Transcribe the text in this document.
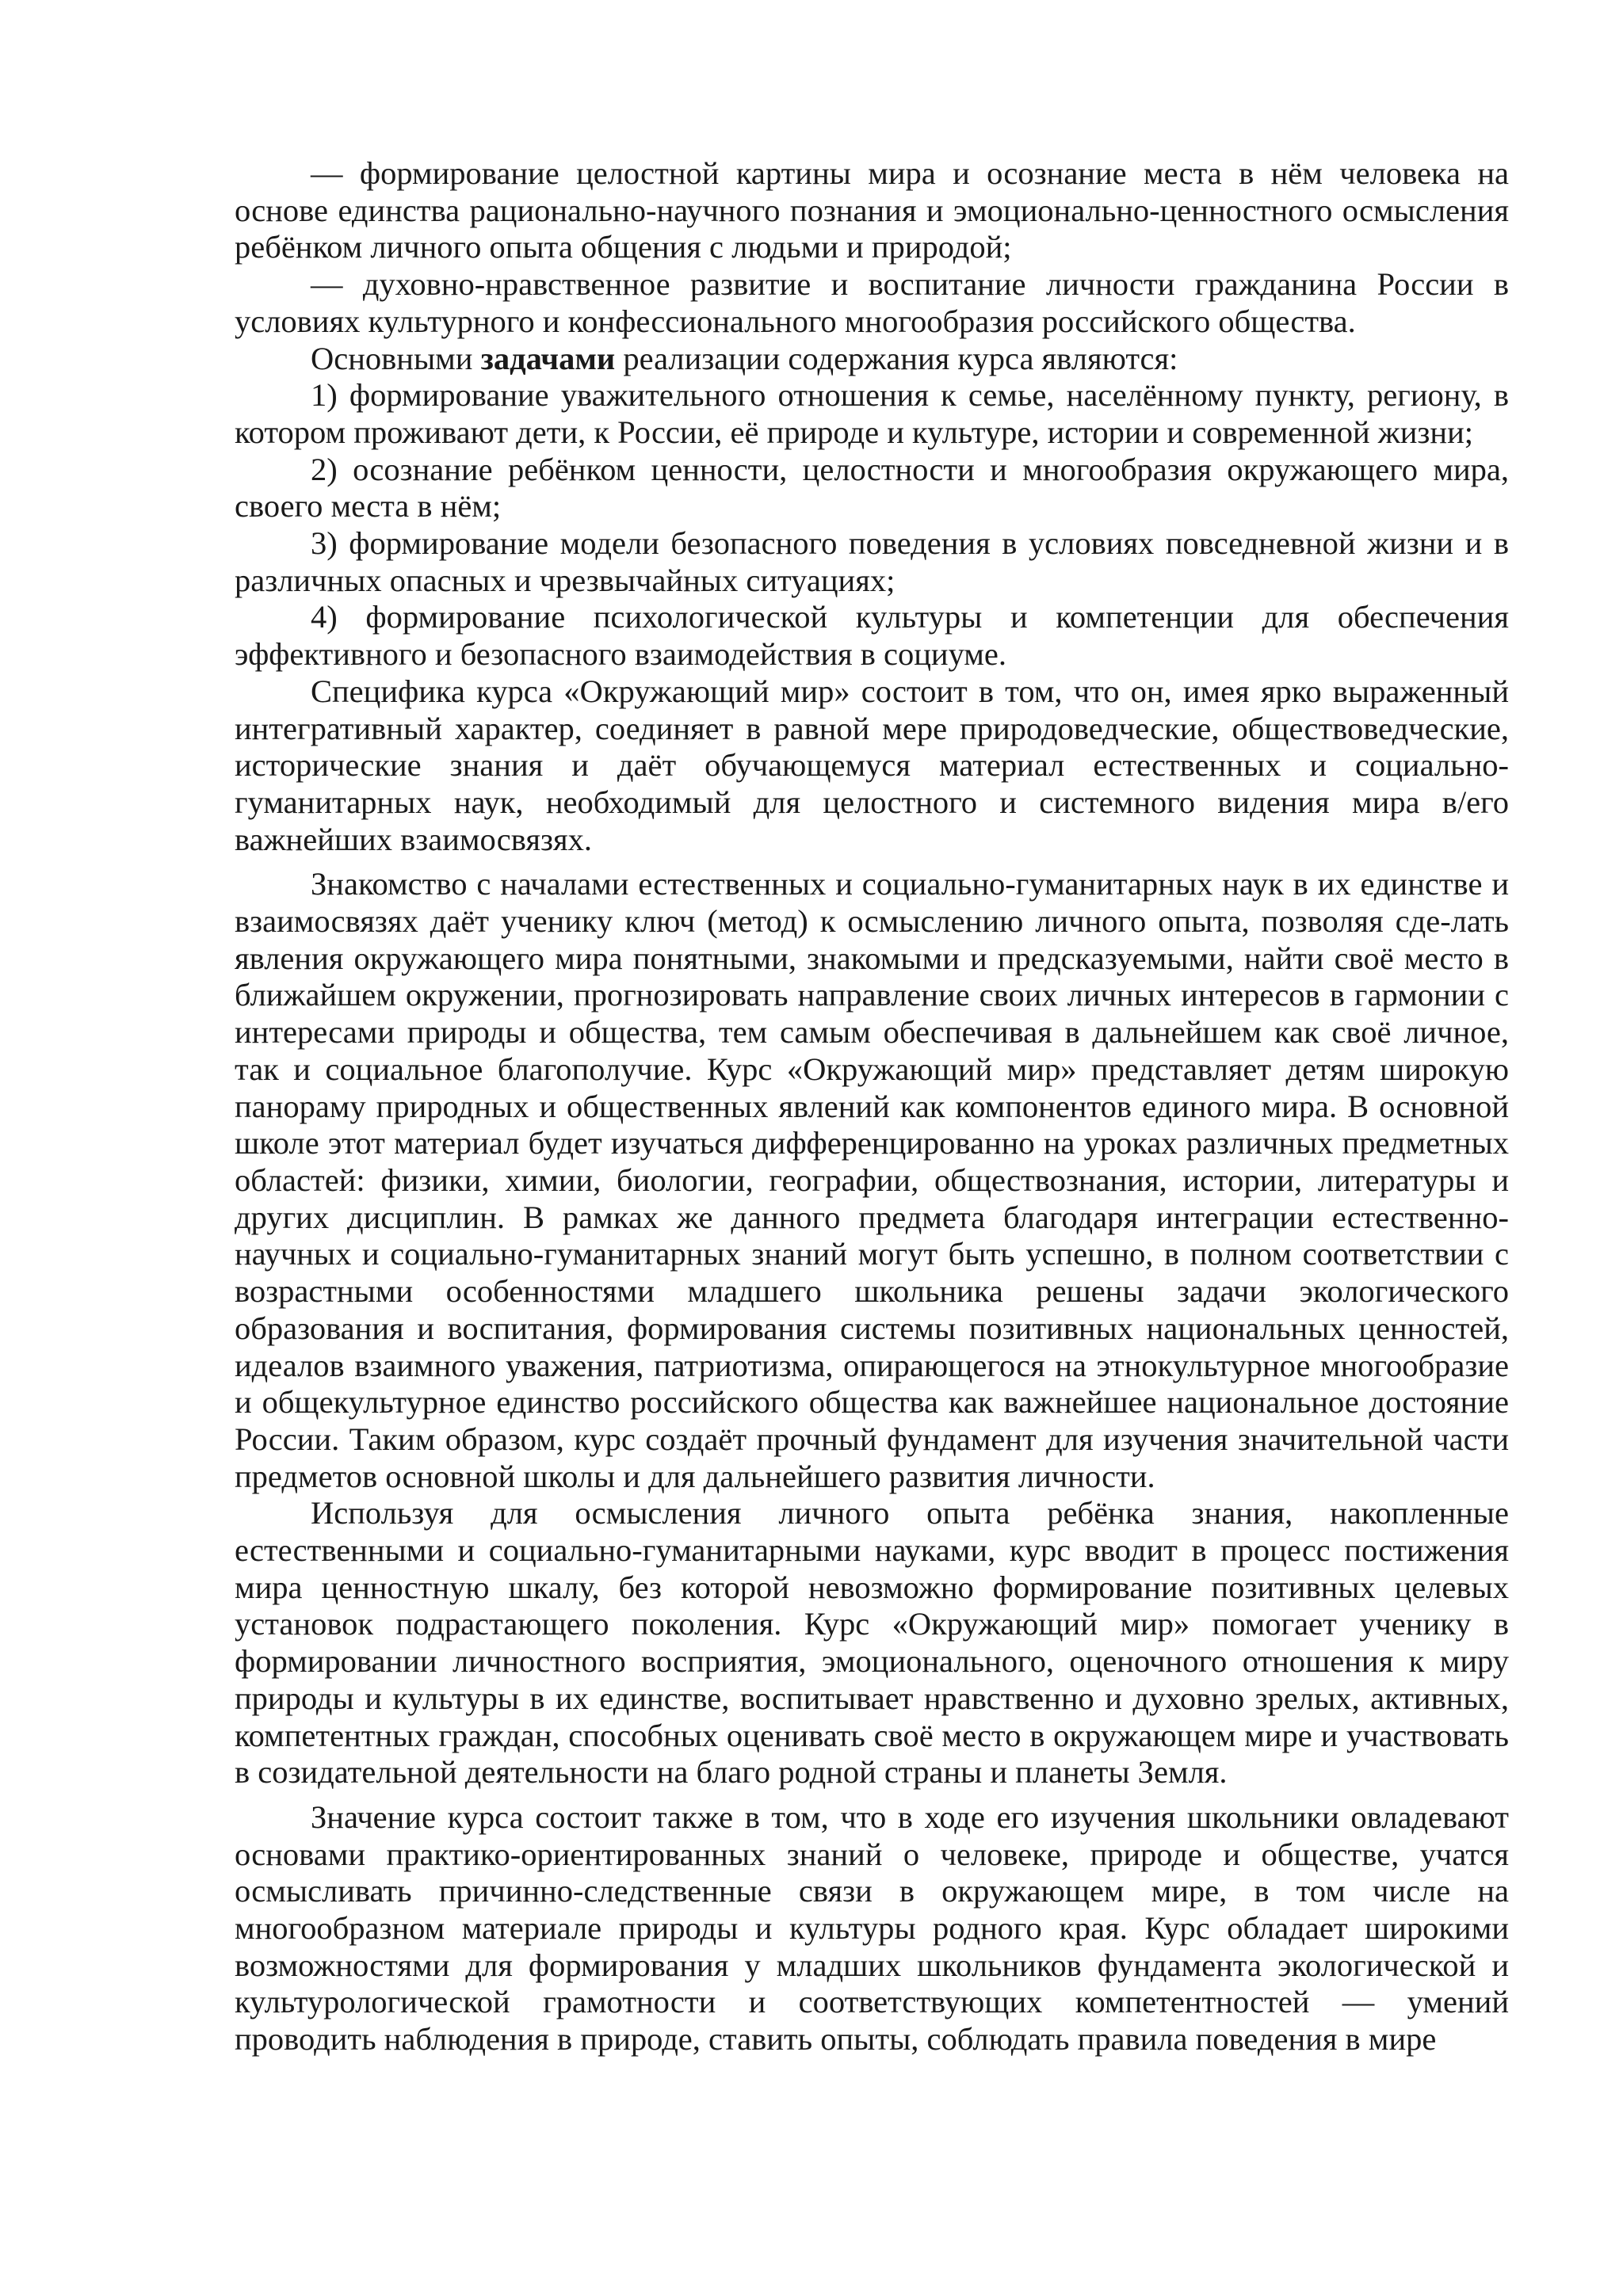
— формирование целостной картины мира и осознание места в нём человека на основе единства рационально-научного познания и эмоционально-ценностного осмысления ребёнком личного опыта общения с людьми и природой;

— духовно-нравственное развитие и воспитание личности гражданина России в условиях культурного и конфессионального многообразия российского общества.

Основными задачами реализации содержания курса являются:

1) формирование уважительного отношения к семье, населённому пункту, региону, в котором проживают дети, к России, её природе и культуре, истории и современной жизни;

2) осознание ребёнком ценности, целостности и многообразия окружающего мира, своего места в нём;

3) формирование модели безопасного поведения в условиях повседневной жизни и в различных опасных и чрезвычайных ситуациях;

4) формирование психологической культуры и компетенции для обеспечения эффективного и безопасного взаимодействия в социуме.

Специфика курса «Окружающий мир» состоит в том, что он, имея ярко выраженный интегративный характер, соединяет в равной мере природоведческие, обществоведческие, исторические знания и даёт обучающемуся материал естественных и социально-гуманитарных наук, необходимый для целостного и системного видения мира в/его важнейших взаимосвязях.

Знакомство с началами естественных и социально-гуманитарных наук в их единстве и взаимосвязях даёт ученику ключ (метод) к осмыслению личного опыта, позволяя сде-лать явления окружающего мира понятными, знакомыми и предсказуемыми, найти своё место в ближайшем окружении, прогнозировать направление своих личных интересов в гармонии с интересами природы и общества, тем самым обеспечивая в дальнейшем как своё личное, так и социальное благополучие. Курс «Окружающий мир» представляет детям широкую панораму природных и общественных явлений как компонентов единого мира. В основной школе этот материал будет изучаться дифференцированно на уроках различных предметных областей: физики, химии, биологии, географии, обществознания, истории, литературы и других дисциплин. В рамках же данного предмета благодаря интеграции естественно-научных и социально-гуманитарных знаний могут быть успешно, в полном соответствии с возрастными особенностями младшего школьника решены задачи экологического образования и воспитания, формирования системы позитивных национальных ценностей, идеалов взаимного уважения, патриотизма, опирающегося на этнокультурное многообразие и общекультурное единство российского общества как важнейшее национальное достояние России. Таким образом, курс создаёт прочный фундамент для изучения значительной части предметов основной школы и для дальнейшего развития личности.

Используя для осмысления личного опыта ребёнка знания, накопленные естественными и социально-гуманитарными науками, курс вводит в процесс постижения мира ценностную шкалу, без которой невозможно формирование позитивных целевых установок подрастающего поколения. Курс «Окружающий мир» помогает ученику в формировании личностного восприятия, эмоционального, оценочного отношения к миру природы и культуры в их единстве, воспитывает нравственно и духовно зрелых, активных, компетентных граждан, способных оценивать своё место в окружающем мире и участвовать в созидательной деятельности на благо родной страны и планеты Земля.

Значение курса состоит также в том, что в ходе его изучения школьники овладевают основами практико-ориентированных знаний о человеке, природе и обществе, учатся осмысливать причинно-следственные связи в окружающем мире, в том числе на многообразном материале природы и культуры родного края. Курс обладает широкими возможностями для формирования у младших школьников фундамента экологической и культурологической грамотности и соответствующих компетентностей — умений проводить наблюдения в природе, ставить опыты, соблюдать правила поведения в мире
